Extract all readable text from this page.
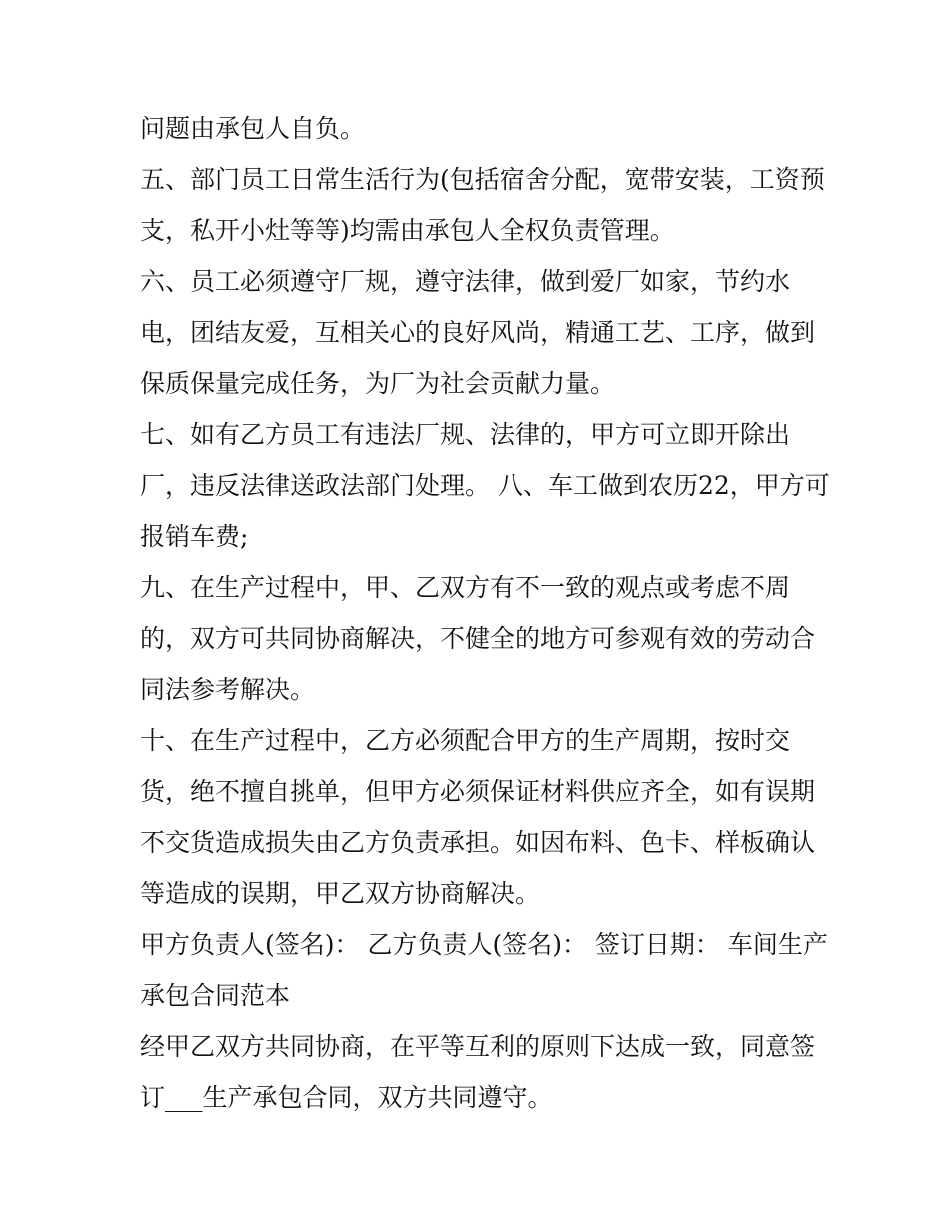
问题由承包人自负。

五、部门员工日常生活行为(包括宿舍分配，宽带安装，工资预支，私开小灶等等)均需由承包人全权负责管理。

六、员工必须遵守厂规，遵守法律，做到爱厂如家，节约水电，团结友爱，互相关心的良好风尚，精通工艺、工序，做到保质保量完成任务，为厂为社会贡献力量。

七、如有乙方员工有违法厂规、法律的，甲方可立即开除出厂，违反法律送政法部门处理。 八、车工做到农历22，甲方可报销车费;

九、在生产过程中，甲、乙双方有不一致的观点或考虑不周的，双方可共同协商解决，不健全的地方可参观有效的劳动合同法参考解决。

十、在生产过程中，乙方必须配合甲方的生产周期，按时交货，绝不擅自挑单，但甲方必须保证材料供应齐全，如有误期不交货造成损失由乙方负责承担。如因布料、色卡、样板确认等造成的误期，甲乙双方协商解决。

甲方负责人(签名)： 乙方负责人(签名)： 签订日期： 车间生产承包合同范本

经甲乙双方共同协商，在平等互利的原则下达成一致，同意签订___生产承包合同，双方共同遵守。
